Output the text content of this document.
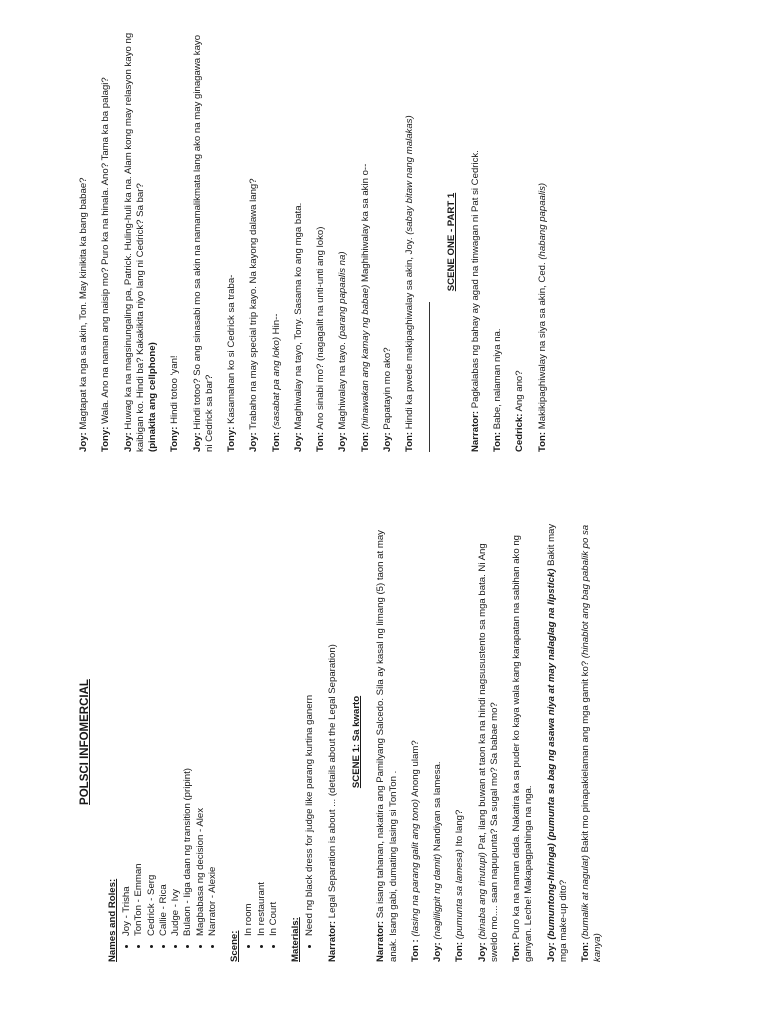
POLSCI INFOMERCIAL
Names and Roles: • Joy - Trisha • TonTon - Emman • Cedrick - Serg • Callie - Rica • Judge - Ivy • Bulaon - Iiga daan ng transition (pripint) • Magbabasa ng decision - Alex • Narrator - Alexie
Scene:
• In room • In restaurant • In Court Materials:
• Need ng black dress for judge like parang kurtina ganern

Narrator: Legal Separation is about ... (details about the Legal Separation) SCENE 1: Sa kwarto

Narrator: Sa isang tahanan, nakatira ang Pamilyang Salcedo. Sila ay kasal ng limang (5) taon at may anak. Isang gabi, dumating lasing si TonTon . Ton : (lasing na parang galit ang tono) Anong ulam?

Joy: (nagliligpit ng damit) Nandiyan sa lamesa.

Ton: (pumunta sa lamesa) Ito lang?

Joy: (binaba ang tinutupi) Pat, ilang buwan at taon ka na hindi nagsusustento sa mga bata. Ni Ang sweldo mo.... saan napupunta? Sa sugal mo? Sa babae mo? Ton: Puro ka na naman dada. Nakatira ka sa puder ko kaya wala kang karapatan na sabihan ako ng ganyan. Leche! Makapagpahinga na nga. Joy: (bumuntong-hininga) (pumunta sa bag ng asawa niya at may nalaglag na lipstick) Bakit may mga make-up dito? Ton: (bumalik at nagulat) Bakit mo pinapakielaman ang mga gamit ko? (hinablot ang bag pabalik po sa kanya)

Joy: Magtapat ka nga sa akin, Ton. May kinikita ka bang babae?

Tony: Wala. Ano na naman ang naisip mo? Puro ka na hinala. Ano? Tama ka ba palagi?

Joy: Huwag ka na magsinungaling pa, Patrick. Huling-huli ka na. Alam kong may relasyon kayo ng kaibigan ko. Hindi ba? Kakakikita niyo lang ni Cedrick? Sa bar?
(pinakita ang cellphone) Tony: Hindi totoo 'yan!

Joy: Hindi totoo? So ang sinasabi mo sa akin na namamalikmata lang ako na may ginagawa kayo ni Cedrick sa bar? Tony: Kasamahan ko si Cedrick sa traba-

Joy: Trabaho na may special trip kayo. Na kayong dalawa lang?

Ton: (sasabat pa ang loko) Hin--

Joy: Maghiwalay na tayo, Tony. Sasama ko ang mga bata.

Ton: Ano sinabi mo? (nagagalit na unti-unti ang loko)

Joy: Maghiwalay na tayo. (parang papaalis na)

Ton: (hinawakan ang kamay ng babae) Maghihiwalay ka sa akin o--

Joy: Papatayin mo ako?

Ton: Hindi ka pwede makipaghiwalay sa akin, Joy. (sabay bitaw nang malakas)

SCENE ONE - PART 1

Narrator: Pagkalabas ng bahay ay agad na tinwagan ni Pat si Cedrick.

Ton: Babe, nalaman niya na.

Cedrick: Ang ano?

Ton: Makikipaghiwalay na siya sa akin, Ced. (habang papaalis)
